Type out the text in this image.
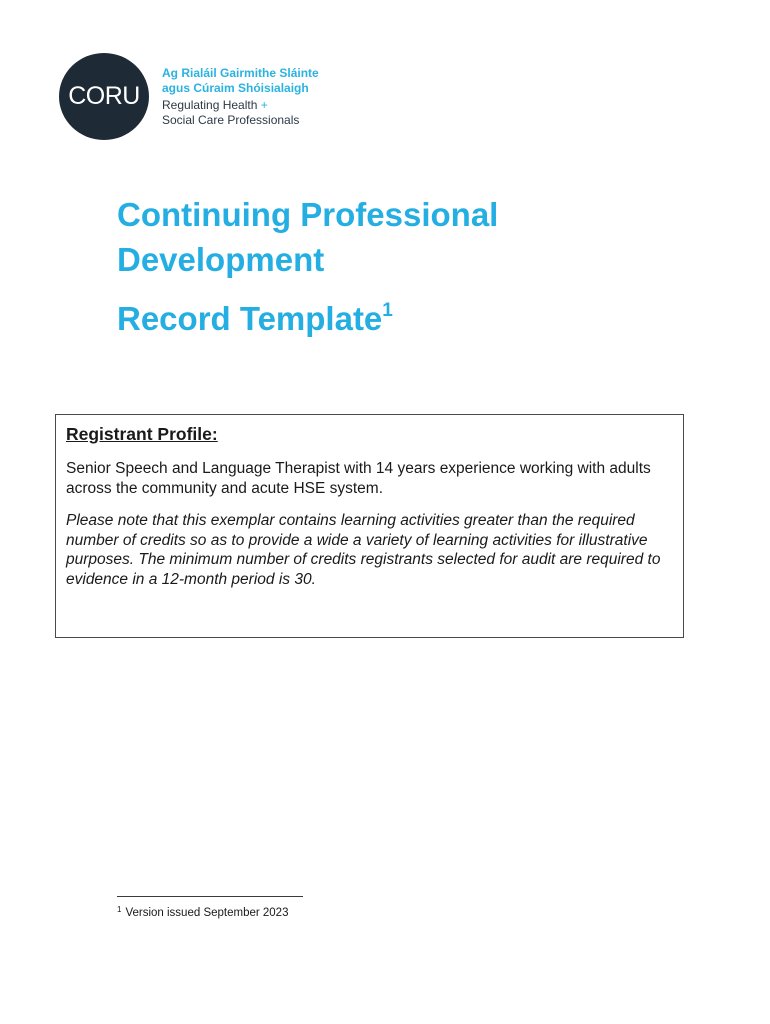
CORU
Ag Rialáil Gairmithe Sláinte
agus Cúraim Shóisialaigh
Regulating Health +
Social Care Professionals
Continuing Professional
Development
Record Template$^1$

Registrant Profile:

Senior Speech and Language Therapist with 14 years experience working with adults across the community and acute HSE system.

Please note that this exemplar contains learning activities greater than the required number of credits so as to provide a wide a variety of learning activities for illustrative purposes. The minimum number of credits registrants selected for audit are required to evidence in a 12-month period is 30.

$^1$ Version issued September 2023
